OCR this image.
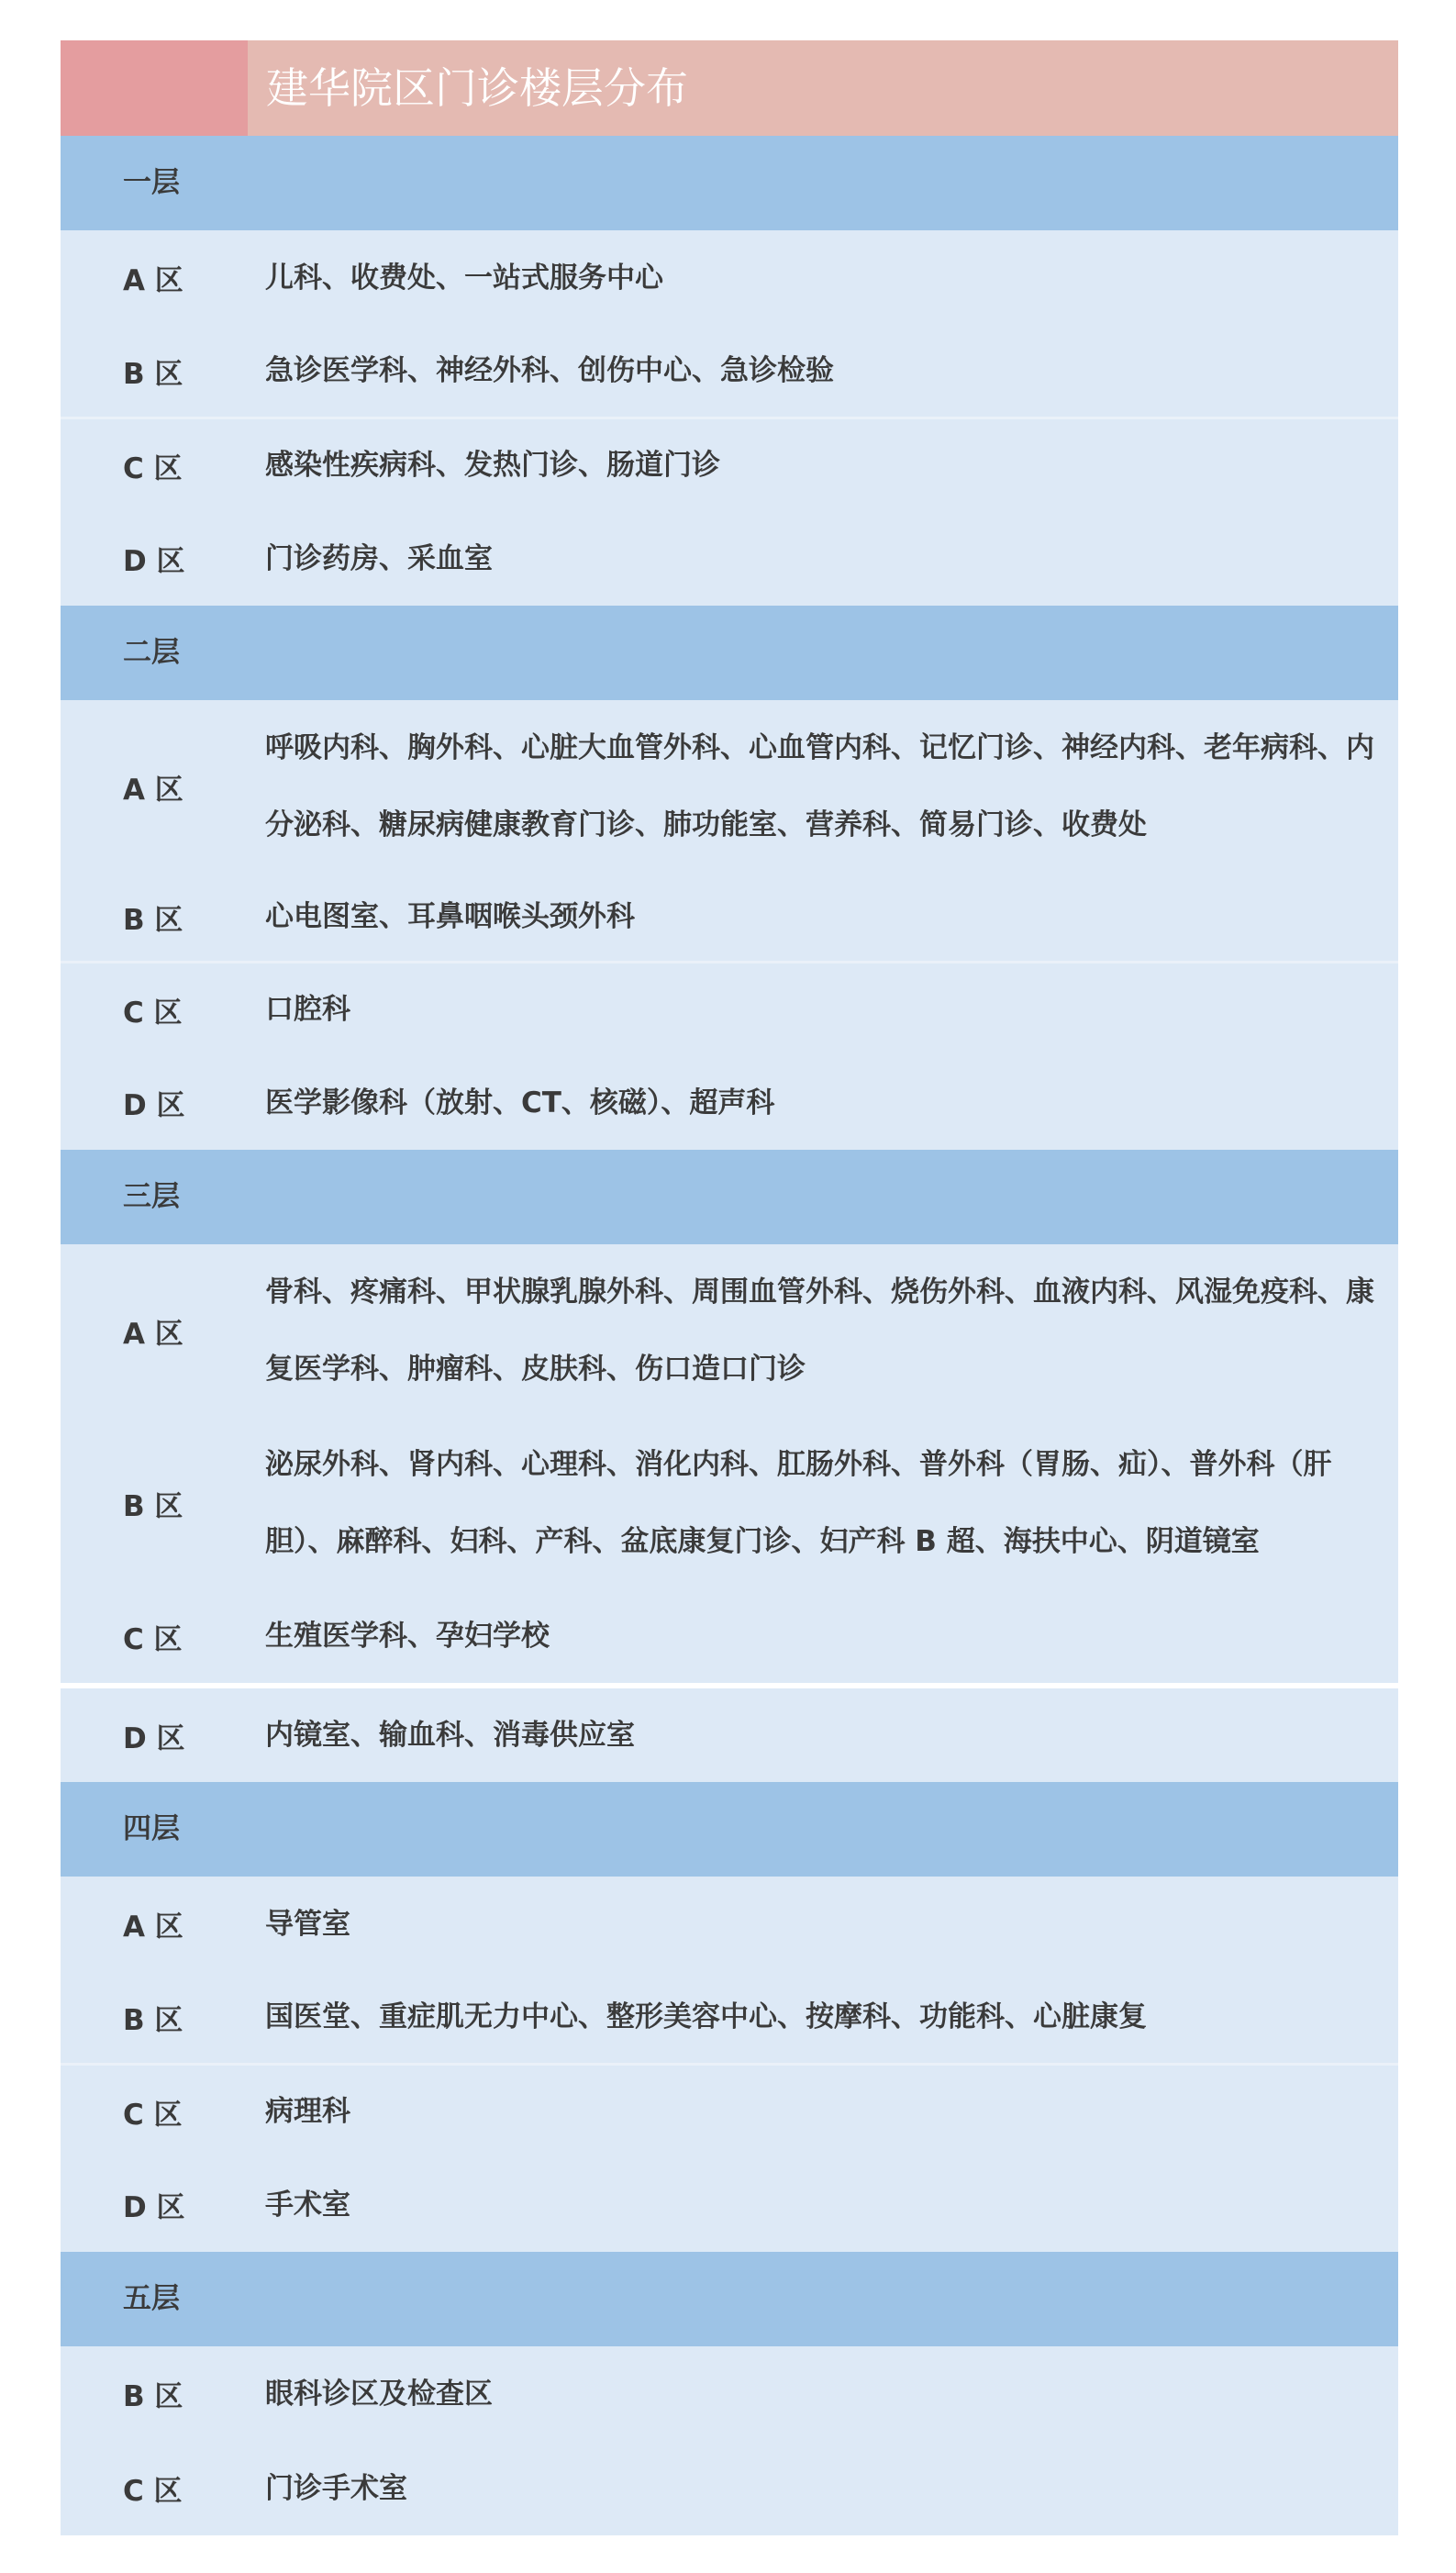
建华院区门诊楼层分布
一层
A 区	儿科、收费处、一站式服务中心
B 区	急诊医学科、神经外科、创伤中心、急诊检验
C 区	感染性疾病科、发热门诊、肠道门诊
D 区	门诊药房、采血室
二层
A 区
呼吸内科、胸外科、心脏大血管外科、心血管内科、记忆门诊、神经内科、老年病科、内分泌科、糖尿病健康教育门诊、肺功能室、营养科、简易门诊、收费处
B 区	心电图室、耳鼻咽喉头颈外科
C 区	口腔科
D 区	医学影像科（放射、CT、核磁）、超声科
三层
A 区
骨科、疼痛科、甲状腺乳腺外科、周围血管外科、烧伤外科、血液内科、风湿免疫科、康复医学科、肿瘤科、皮肤科、伤口造口门诊
B 区
泌尿外科、肾内科、心理科、消化内科、肛肠外科、普外科（胃肠、疝）、普外科（肝胆）、麻醉科、妇科、产科、盆底康复门诊、妇产科 B 超、海扶中心、阴道镜室
C 区	生殖医学科、孕妇学校
D 区	内镜室、输血科、消毒供应室
四层
A 区	导管室
B 区	国医堂、重症肌无力中心、整形美容中心、按摩科、功能科、心脏康复
C 区	病理科
D 区	手术室
五层
B 区	眼科诊区及检查区
C 区	门诊手术室
